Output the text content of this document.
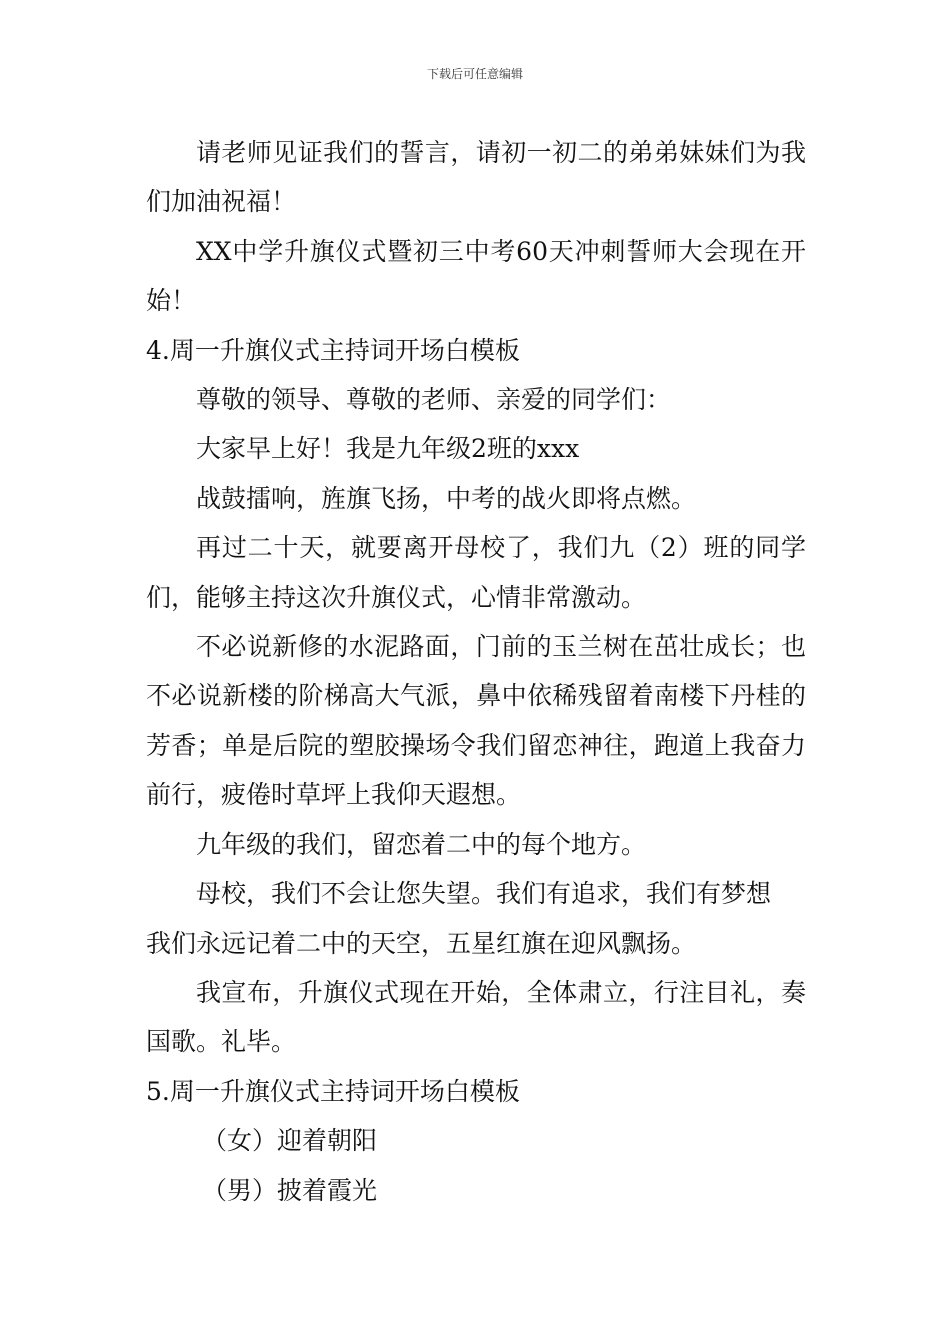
下载后可任意编辑

请老师见证我们的誓言，请初一初二的弟弟妹妹们为我们加油祝福！

XX中学升旗仪式暨初三中考60天冲刺誓师大会现在开始！

4.周一升旗仪式主持词开场白模板

尊敬的领导、尊敬的老师、亲爱的同学们：

大家早上好！我是九年级2班的xxx

战鼓擂响，旌旗飞扬，中考的战火即将点燃。

再过二十天，就要离开母校了，我们九（2）班的同学们，能够主持这次升旗仪式，心情非常激动。

不必说新修的水泥路面，门前的玉兰树在茁壮成长；也不必说新楼的阶梯高大气派，鼻中依稀残留着南楼下丹桂的芳香；单是后院的塑胶操场令我们留恋神往，跑道上我奋力前行，疲倦时草坪上我仰天遐想。

九年级的我们，留恋着二中的每个地方。

母校，我们不会让您失望。我们有追求，我们有梦想

我们永远记着二中的天空，五星红旗在迎风飘扬。

我宣布，升旗仪式现在开始，全体肃立，行注目礼，奏国歌。礼毕。

5.周一升旗仪式主持词开场白模板

（女）迎着朝阳

（男）披着霞光
